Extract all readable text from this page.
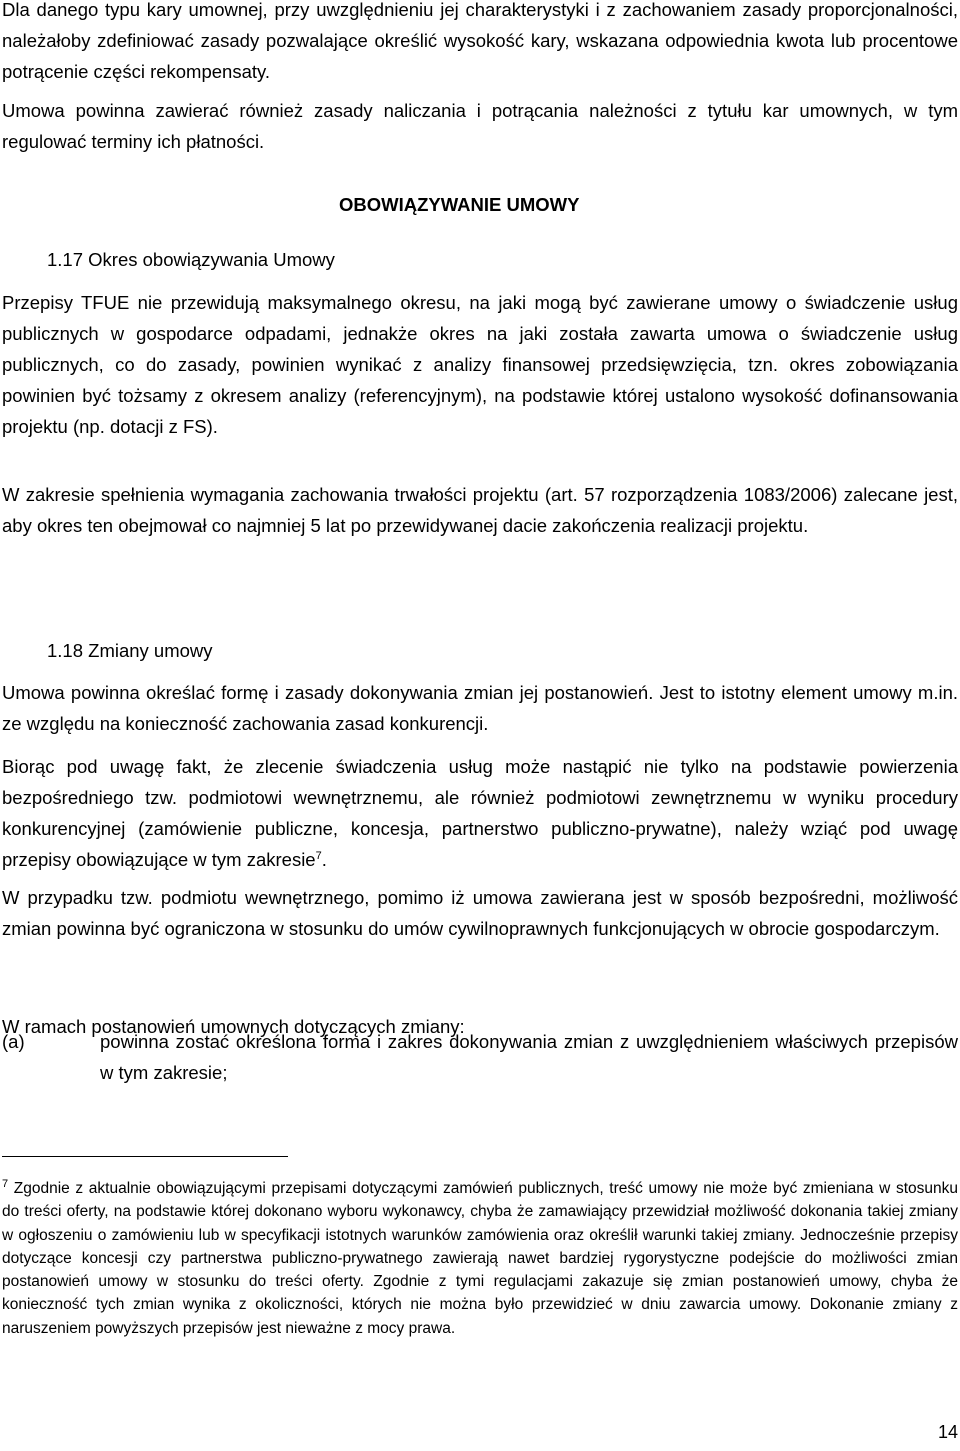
Dla danego typu kary umownej, przy uwzględnieniu jej charakterystyki i z zachowaniem zasady proporcjonalności, należałoby zdefiniować zasady pozwalające określić wysokość kary, wskazana odpowiednia kwota lub procentowe potrącenie części rekompensaty.
Umowa powinna zawierać również zasady naliczania i potrącania należności z tytułu kar umownych, w tym regulować terminy ich płatności.
OBOWIĄZYWANIE UMOWY
1.17 Okres obowiązywania Umowy
Przepisy TFUE nie przewidują maksymalnego okresu, na jaki mogą być zawierane umowy o świadczenie usług publicznych w gospodarce odpadami, jednakże okres na jaki została zawarta umowa o świadczenie usług publicznych, co do zasady, powinien wynikać z analizy finansowej przedsięwzięcia, tzn. okres zobowiązania powinien być tożsamy z okresem analizy (referencyjnym), na podstawie której ustalono wysokość dofinansowania projektu (np. dotacji z FS).
W zakresie spełnienia wymagania zachowania trwałości projektu (art. 57 rozporządzenia 1083/2006) zalecane jest, aby okres ten obejmował co najmniej 5 lat po przewidywanej dacie zakończenia realizacji projektu.
1.18 Zmiany umowy
Umowa powinna określać formę i zasady dokonywania zmian jej postanowień. Jest to istotny element umowy m.in. ze względu na konieczność zachowania zasad konkurencji.
Biorąc pod uwagę fakt, że zlecenie świadczenia usług może nastąpić nie tylko na podstawie powierzenia bezpośredniego tzw. podmiotowi wewnętrznemu, ale również podmiotowi zewnętrznemu w wyniku procedury konkurencyjnej (zamówienie publiczne, koncesja, partnerstwo publiczno-prywatne), należy wziąć pod uwagę przepisy obowiązujące w tym zakresie$^7$.
W przypadku tzw. podmiotu wewnętrznego, pomimo iż umowa zawierana jest w sposób bezpośredni, możliwość zmian powinna być ograniczona w stosunku do umów cywilnoprawnych funkcjonujących w obrocie gospodarczym.
W ramach postanowień umownych dotyczących zmiany:
(a)	powinna zostać określona forma i zakres dokonywania zmian z uwzględnieniem właściwych przepisów w tym zakresie;
$^7$ Zgodnie z aktualnie obowiązującymi przepisami dotyczącymi zamówień publicznych, treść umowy nie może być zmieniana w stosunku do treści oferty, na podstawie której dokonano wyboru wykonawcy, chyba że zamawiający przewidział możliwość dokonania takiej zmiany w ogłoszeniu o zamówieniu lub w specyfikacji istotnych warunków zamówienia oraz określił warunki takiej zmiany. Jednocześnie przepisy dotyczące koncesji czy partnerstwa publiczno-prywatnego zawierają nawet bardziej rygorystyczne podejście do możliwości zmian postanowień umowy w stosunku do treści oferty. Zgodnie z tymi regulacjami zakazuje się zmian postanowień umowy, chyba że konieczność tych zmian wynika z okoliczności, których nie można było przewidzieć w dniu zawarcia umowy. Dokonanie zmiany z naruszeniem powyższych przepisów jest nieważne z mocy prawa.
14
